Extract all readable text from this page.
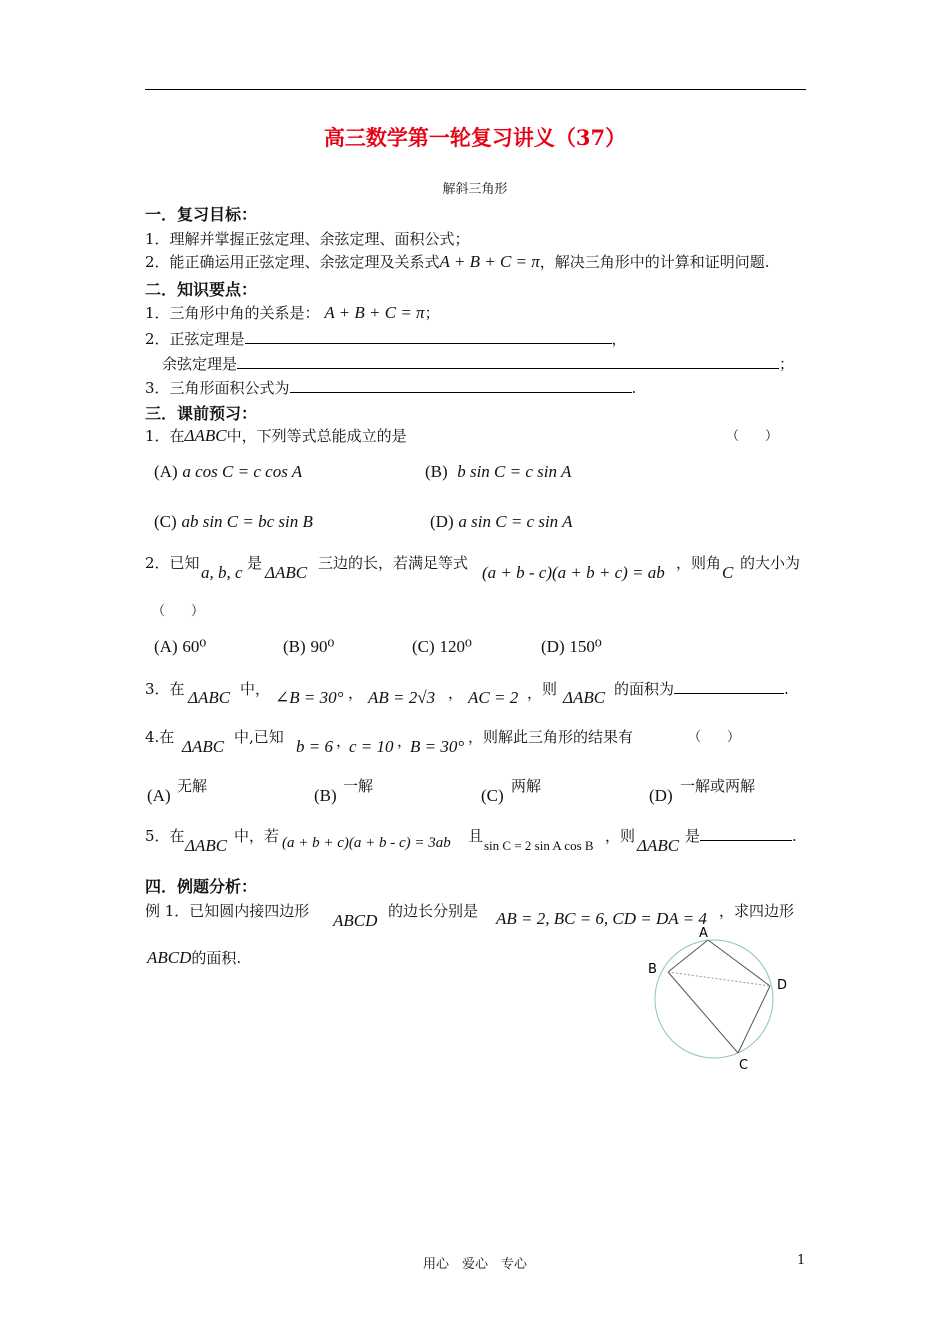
高三数学第一轮复习讲义（37）
解斜三角形
一．复习目标：
1．理解并掌握正弦定理、余弦定理、面积公式；
2．能正确运用正弦定理、余弦定理及关系式A + B + C = π，解决三角形中的计算和证明问题.
二．知识要点：
1．三角形中角的关系是： A + B + C = π；
2．正弦定理是	，
余弦定理是	；
3．三角形面积公式为	.
三．课前预习：
1．在ΔABC中，下列等式总能成立的是	（　　）
(A) a cos C = c cos A	(B) b sin C = c sin A
(C) ab sin C = bc sin B	(D) a sin C = c sin A
2．已知 a, b, c 是 ΔABC 三边的长，若满足等式 (a + b - c)(a + b + c) = ab ，则角 C 的大小为
（　　）
(A) 60⁰	(B) 90⁰	(C) 120⁰	(D) 150⁰
3．在 ΔABC 中， ∠B = 30° ， AB = 2√3 ， AC = 2 ， 则 ΔABC 的面积为	.
4.在 ΔABC 中,已知 b = 6 ，
c = 10 ，
B = 30° ，则解此三角形的结果有	（　　）
(A) 无解	(B) 一解	(C) 两解	(D) 一解或两解
5．在 ΔABC 中，若 (a + b + c)(a + b - c) = 3ab 且
sin C = 2 sin A cos B
，则 ΔABC 是	.
四．例题分析：
例 1．已知圆内接四边形 ABCD 的边长分别是 AB = 2, BC = 6, CD = DA = 4 ，求四边形
ABCD的面积.
A
B
C
D
用心　爱心　专心	1
